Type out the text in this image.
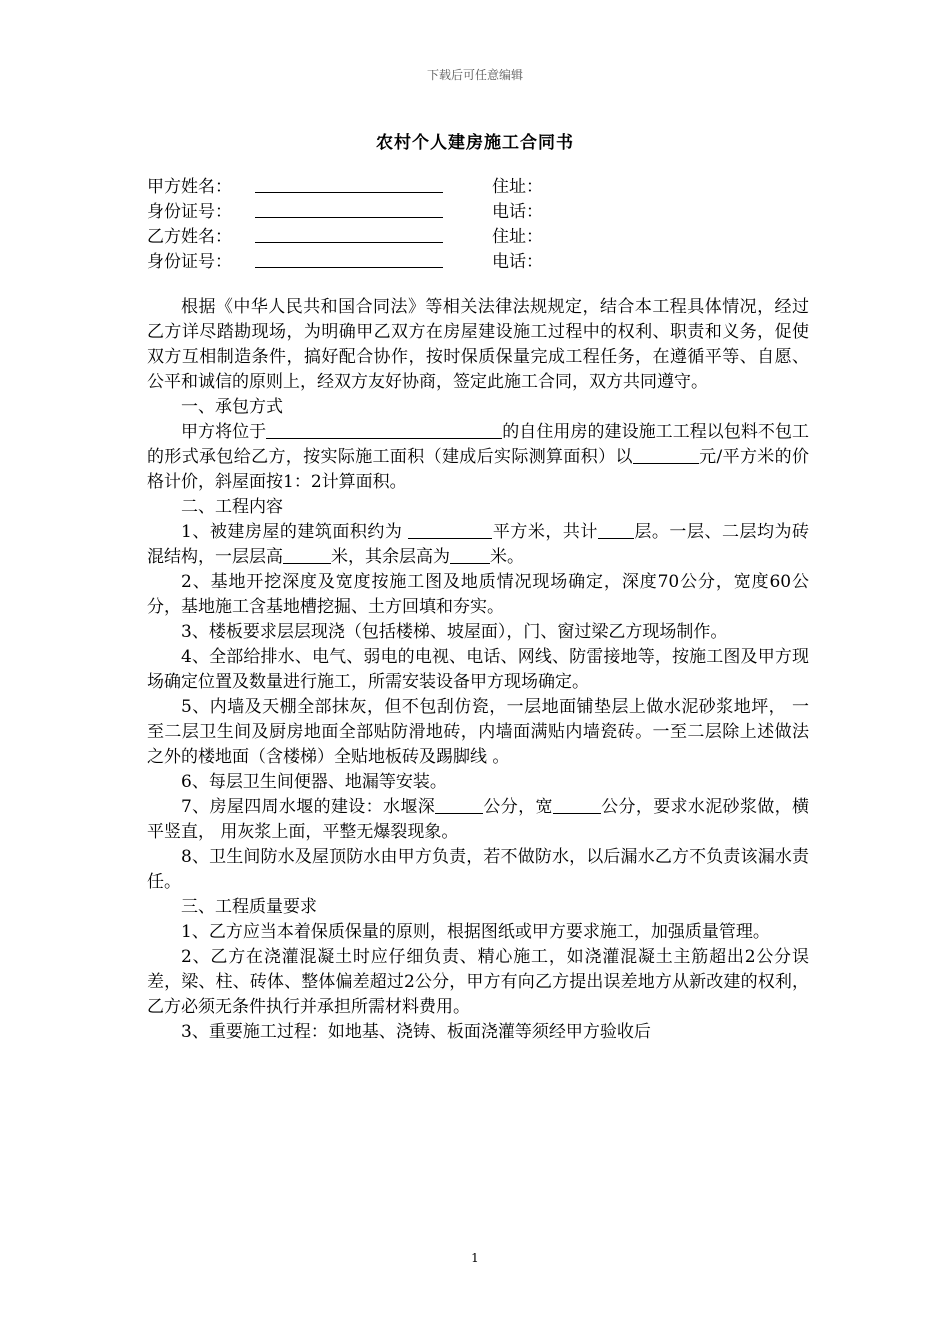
下载后可任意编辑
农村个人建房施工合同书
甲方姓名：	住址：
身份证号：	电话：
乙方姓名：	住址：
身份证号：	电话：

根据《中华人民共和国合同法》等相关法律法规规定，结合本工程具体情况，经过乙方详尽踏勘现场，为明确甲乙双方在房屋建设施工过程中的权利、职责和义务，促使双方互相制造条件，搞好配合协作，按时保质保量完成工程任务，在遵循平等、自愿、公平和诚信的原则上，经双方友好协商，签定此施工合同，双方共同遵守。

一、承包方式

甲方将位于	的自住用房的建设施工工程以包料不包工的形式承包给乙方，按实际施工面积（建成后实际测算面积）以	元/平方米的价格计价，斜屋面按1：2计算面积。

二、工程内容

1、被建房屋的建筑面积约为	平方米，共计 层。一层、二层均为砖混结构，一层层高	米，其余层高为 米。

2、基地开挖深度及宽度按施工图及地质情况现场确定，深度70公分，宽度60公分，基地施工含基地槽挖掘、土方回填和夯实。

3、楼板要求层层现浇（包括楼梯、坡屋面），门、窗过梁乙方现场制作。

4、全部给排水、电气、弱电的电视、电话、网线、防雷接地等，按施工图及甲方现场确定位置及数量进行施工，所需安装设备甲方现场确定。

5、内墙及天棚全部抹灰，但不包刮仿瓷，一层地面铺垫层上做水泥砂浆地坪， 一至二层卫生间及厨房地面全部贴防滑地砖，内墙面满贴内墙瓷砖。一至二层除上述做法之外的楼地面（含楼梯）全贴地板砖及踢脚线 。

6、每层卫生间便器、地漏等安装。

7、房屋四周水堰的建设：水堰深	公分，宽	公分，要求水泥砂浆做，横平竖直， 用灰浆上面，平整无爆裂现象。

8、卫生间防水及屋顶防水由甲方负责，若不做防水，以后漏水乙方不负责该漏水责任。

三、工程质量要求

1、乙方应当本着保质保量的原则，根据图纸或甲方要求施工，加强质量管理。

2、乙方在浇灌混凝土时应仔细负责、精心施工，如浇灌混凝土主筋超出2公分误差，梁、柱、砖体、整体偏差超过2公分，甲方有向乙方提出误差地方从新改建的权利，乙方必须无条件执行并承担所需材料费用。

3、重要施工过程：如地基、浇铸、板面浇灌等须经甲方验收后

1
